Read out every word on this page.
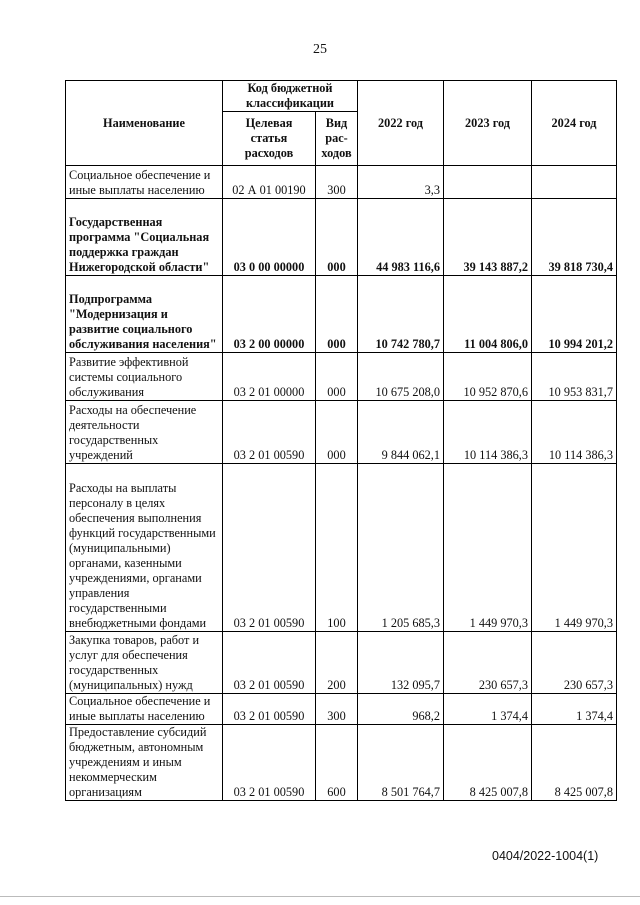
25
Наименование	Код бюджетной классификации		2022 год	2023 год	2024 год
	Целевая статья расходов	Вид рас-ходов			
Социальное обеспечение и иные выплаты населению	02 А 01 00190	300	3,3		
Государственная программа "Социальная поддержка граждан Нижегородской области"	03 0 00 00000	000	44 983 116,6	39 143 887,2	39 818 730,4
Подпрограмма "Модернизация и развитие социального обслуживания населения"	03 2 00 00000	000	10 742 780,7	11 004 806,0	10 994 201,2
Развитие эффективной системы социального обслуживания	03 2 01 00000	000	10 675 208,0	10 952 870,6	10 953 831,7
Расходы на обеспечение деятельности государственных учреждений	03 2 01 00590	000	9 844 062,1	10 114 386,3	10 114 386,3
Расходы на выплаты персоналу в целях обеспечения выполнения функций государственными (муниципальными) органами, казенными учреждениями, органами управления государственными внебюджетными фондами	03 2 01 00590	100	1 205 685,3	1 449 970,3	1 449 970,3
Закупка товаров, работ и услуг для обеспечения государственных (муниципальных) нужд	03 2 01 00590	200	132 095,7	230 657,3	230 657,3
Социальное обеспечение и иные выплаты населению	03 2 01 00590	300	968,2	1 374,4	1 374,4
Предоставление субсидий бюджетным, автономным учреждениям и иным некоммерческим организациям	03 2 01 00590	600	8 501 764,7	8 425 007,8	8 425 007,8
0404/2022-1004(1)
